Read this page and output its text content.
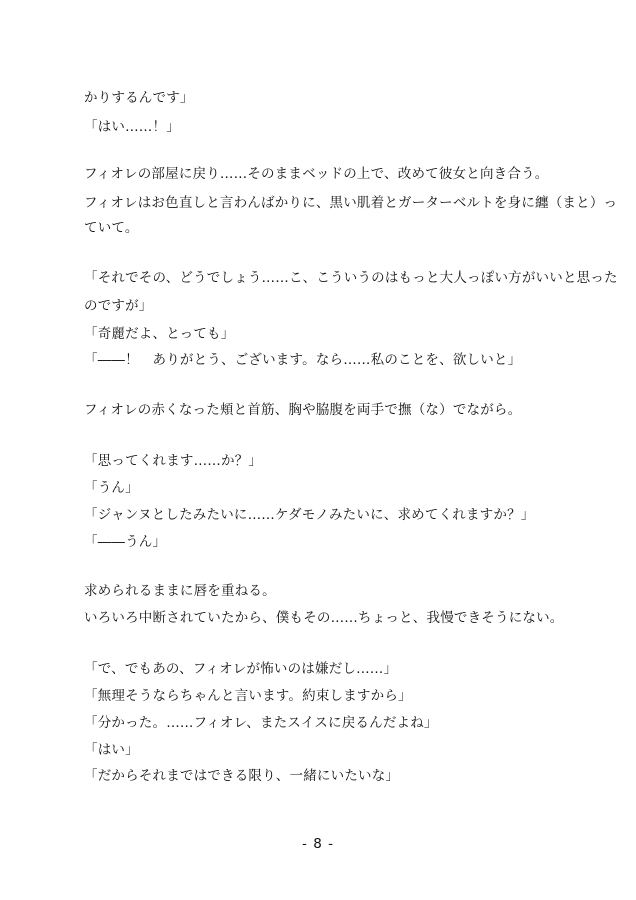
かりするんです」
「はい……！」
フィオレの部屋に戻り……そのままベッドの上で、改めて彼女と向き合う。
フィオレはお色直しと言わんばかりに、黒い肌着とガーターベルトを身に纏（まと）っ
ていて。
「それでその、どうでしょう……こ、こういうのはもっと大人っぽい方がいいと思った
のですが」
「奇麗だよ、とっても」
「――！　ありがとう、ございます。なら……私のことを、欲しいと」
フィオレの赤くなった頬と首筋、胸や脇腹を両手で撫（な）でながら。
「思ってくれます……か？」
「うん」
「ジャンヌとしたみたいに……ケダモノみたいに、求めてくれますか？」
「――うん」
求められるままに唇を重ねる。
いろいろ中断されていたから、僕もその……ちょっと、我慢できそうにない。
「で、でもあの、フィオレが怖いのは嫌だし……」
「無理そうならちゃんと言います。約束しますから」
「分かった。……フィオレ、またスイスに戻るんだよね」
「はい」
「だからそれまではできる限り、一緒にいたいな」
- 8 -
